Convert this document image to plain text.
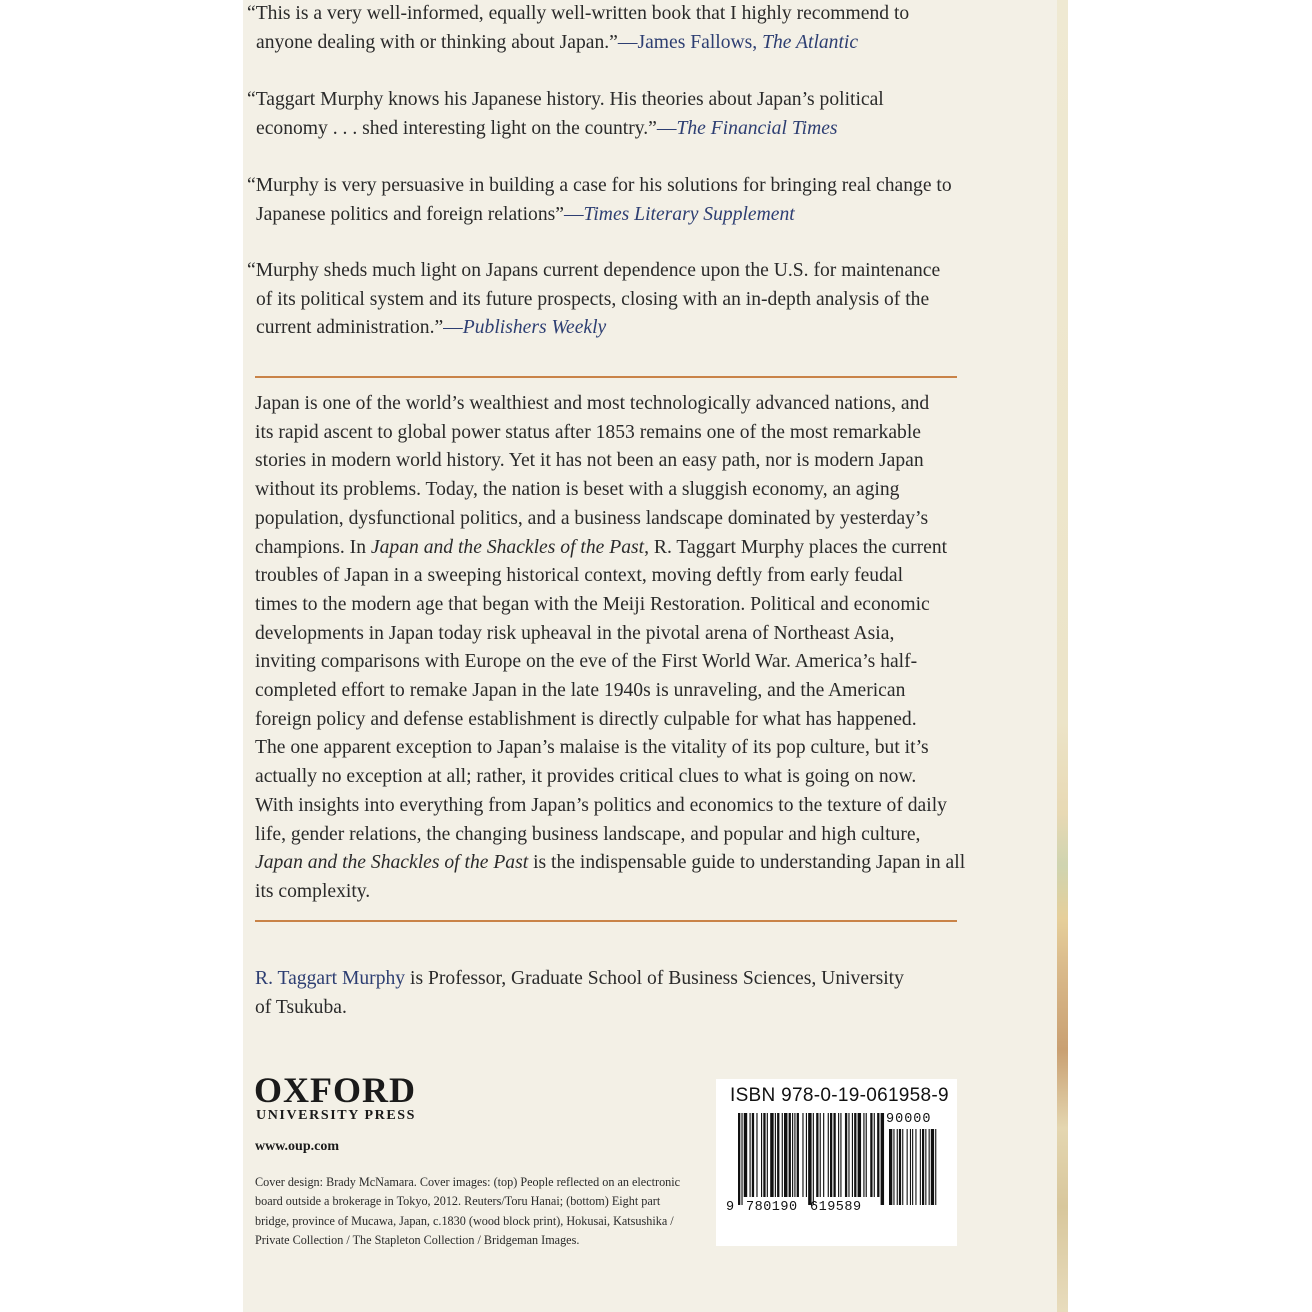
“This is a very well-informed, equally well-written book that I highly recommend to
anyone dealing with or thinking about Japan.”—James Fallows, The Atlantic

“Taggart Murphy knows his Japanese history. His theories about Japan’s political
economy . . . shed interesting light on the country.”—The Financial Times

“Murphy is very persuasive in building a case for his solutions for bringing real change to
Japanese politics and foreign relations”—Times Literary Supplement

“Murphy sheds much light on Japans current dependence upon the U.S. for maintenance
of its political system and its future prospects, closing with an in-depth analysis of the
current administration.”—Publishers Weekly

Japan is one of the world’s wealthiest and most technologically advanced nations, and
its rapid ascent to global power status after 1853 remains one of the most remarkable
stories in modern world history. Yet it has not been an easy path, nor is modern Japan
without its problems. Today, the nation is beset with a sluggish economy, an aging
population, dysfunctional politics, and a business landscape dominated by yesterday’s
champions. In Japan and the Shackles of the Past, R. Taggart Murphy places the current
troubles of Japan in a sweeping historical context, moving deftly from early feudal
times to the modern age that began with the Meiji Restoration. Political and economic
developments in Japan today risk upheaval in the pivotal arena of Northeast Asia,
inviting comparisons with Europe on the eve of the First World War. America’s half-
completed effort to remake Japan in the late 1940s is unraveling, and the American
foreign policy and defense establishment is directly culpable for what has happened.
The one apparent exception to Japan’s malaise is the vitality of its pop culture, but it’s
actually no exception at all; rather, it provides critical clues to what is going on now.
With insights into everything from Japan’s politics and economics to the texture of daily
life, gender relations, the changing business landscape, and popular and high culture,
Japan and the Shackles of the Past is the indispensable guide to understanding Japan in all
its complexity.

R. Taggart Murphy is Professor, Graduate School of Business Sciences, University
of Tsukuba.

OXFORD
UNIVERSITY PRESS
www.oup.com

Cover design: Brady McNamara. Cover images: (top) People reflected on an electronic
board outside a brokerage in Tokyo, 2012. Reuters/Toru Hanai; (bottom) Eight part
bridge, province of Mucawa, Japan, c.1830 (wood block print), Hokusai, Katsushika /
Private Collection / The Stapleton Collection / Bridgeman Images.

ISBN 978-0-19-061958-9
90000
9 780190 619589
